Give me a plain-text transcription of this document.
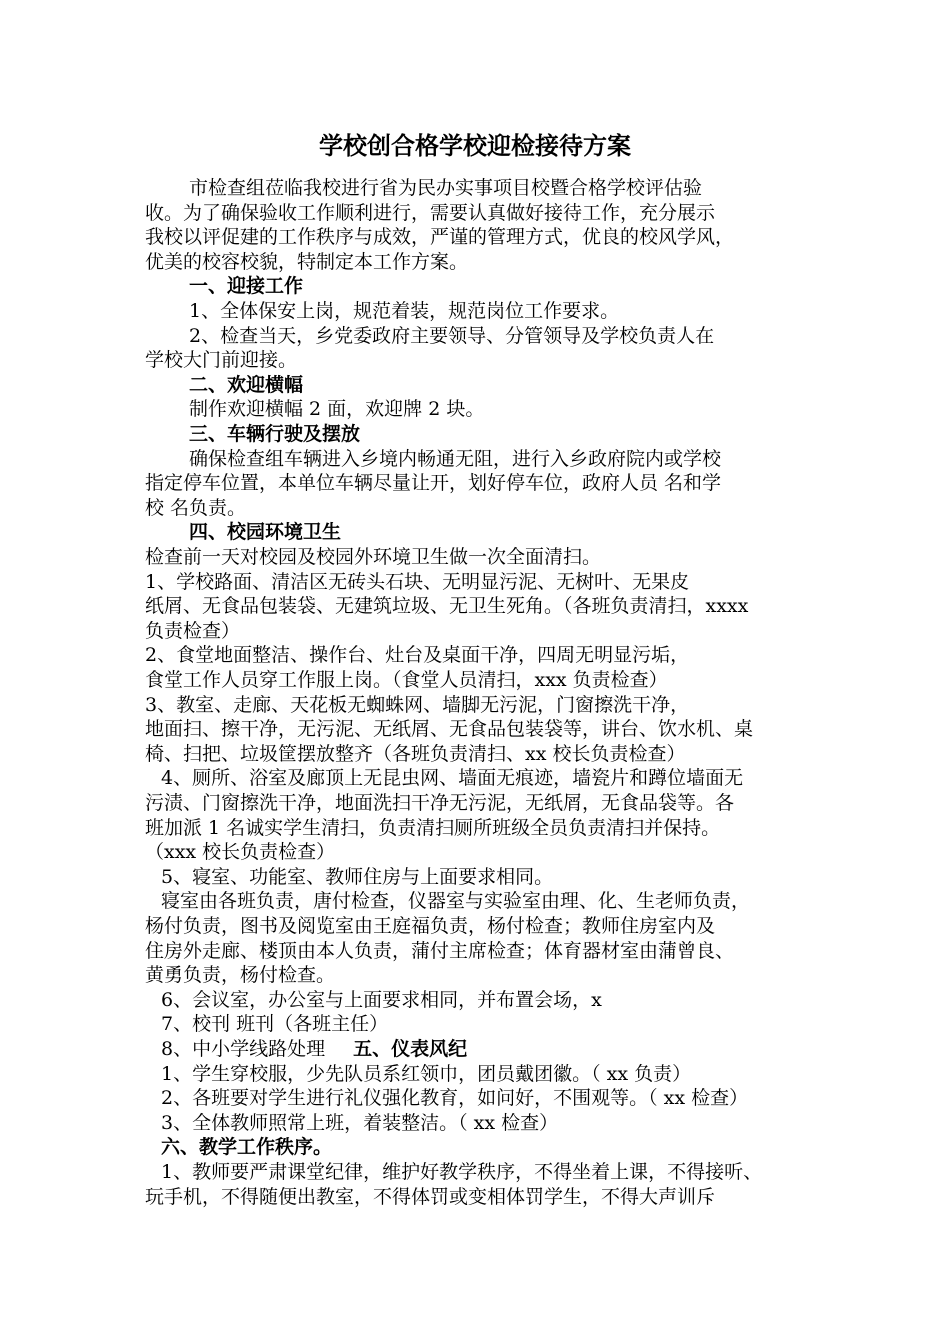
学校创合格学校迎检接待方案

市检查组莅临我校进行省为民办实事项目校暨合格学校评估验

收。为了确保验收工作顺利进行，需要认真做好接待工作，充分展示

我校以评促建的工作秩序与成效，严谨的管理方式，优良的校风学风，

优美的校容校貌，特制定本工作方案。

一、迎接工作

1、全体保安上岗，规范着装，规范岗位工作要求。

2、检查当天，乡党委政府主要领导、分管领导及学校负责人在

学校大门前迎接。

二、欢迎横幅

制作欢迎横幅 2 面，欢迎牌 2 块。

三、车辆行驶及摆放

确保检查组车辆进入乡境内畅通无阻，进行入乡政府院内或学校

指定停车位置，本单位车辆尽量让开，划好停车位，政府人员 名和学

校 名负责。

四、校园环境卫生

检查前一天对校园及校园外环境卫生做一次全面清扫。

1、学校路面、清洁区无砖头石块、无明显污泥、无树叶、无果皮

纸屑、无食品包装袋、无建筑垃圾、无卫生死角。（各班负责清扫，xxxx

负责检查）

2、食堂地面整洁、操作台、灶台及桌面干净，四周无明显污垢，

食堂工作人员穿工作服上岗。（食堂人员清扫，xxx 负责检查）

3、教室、走廊、天花板无蜘蛛网、墙脚无污泥，门窗擦洗干净，

地面扫、擦干净，无污泥、无纸屑、无食品包装袋等，讲台、饮水机、桌

椅、扫把、垃圾筐摆放整齐（各班负责清扫、xx 校长负责检查）

4、厕所、浴室及廊顶上无昆虫网、墙面无痕迹，墙瓷片和蹲位墙面无

污渍、门窗擦洗干净，地面洗扫干净无污泥，无纸屑，无食品袋等。各

班加派 1 名诚实学生清扫，负责清扫厕所班级全员负责清扫并保持。

（xxx 校长负责检查）

5、寝室、功能室、教师住房与上面要求相同。

寝室由各班负责，唐付检查，仪器室与实验室由理、化、生老师负责，

杨付负责，图书及阅览室由王庭福负责，杨付检查；教师住房室内及

住房外走廊、楼顶由本人负责，蒲付主席检查；体育器材室由蒲曾良、

黄勇负责，杨付检查。

6、会议室，办公室与上面要求相同，并布置会场，x

7、校刊 班刊（各班主任）

8、中小学线路处理 五、仪表风纪

1、学生穿校服，少先队员系红领巾，团员戴团徽。（ xx 负责）

2、各班要对学生进行礼仪强化教育，如问好，不围观等。（ xx 检查）

3、全体教师照常上班，着装整洁。（ xx 检查）

六、教学工作秩序。

1、教师要严肃课堂纪律，维护好教学秩序，不得坐着上课，不得接听、

玩手机，不得随便出教室，不得体罚或变相体罚学生，不得大声训斥
